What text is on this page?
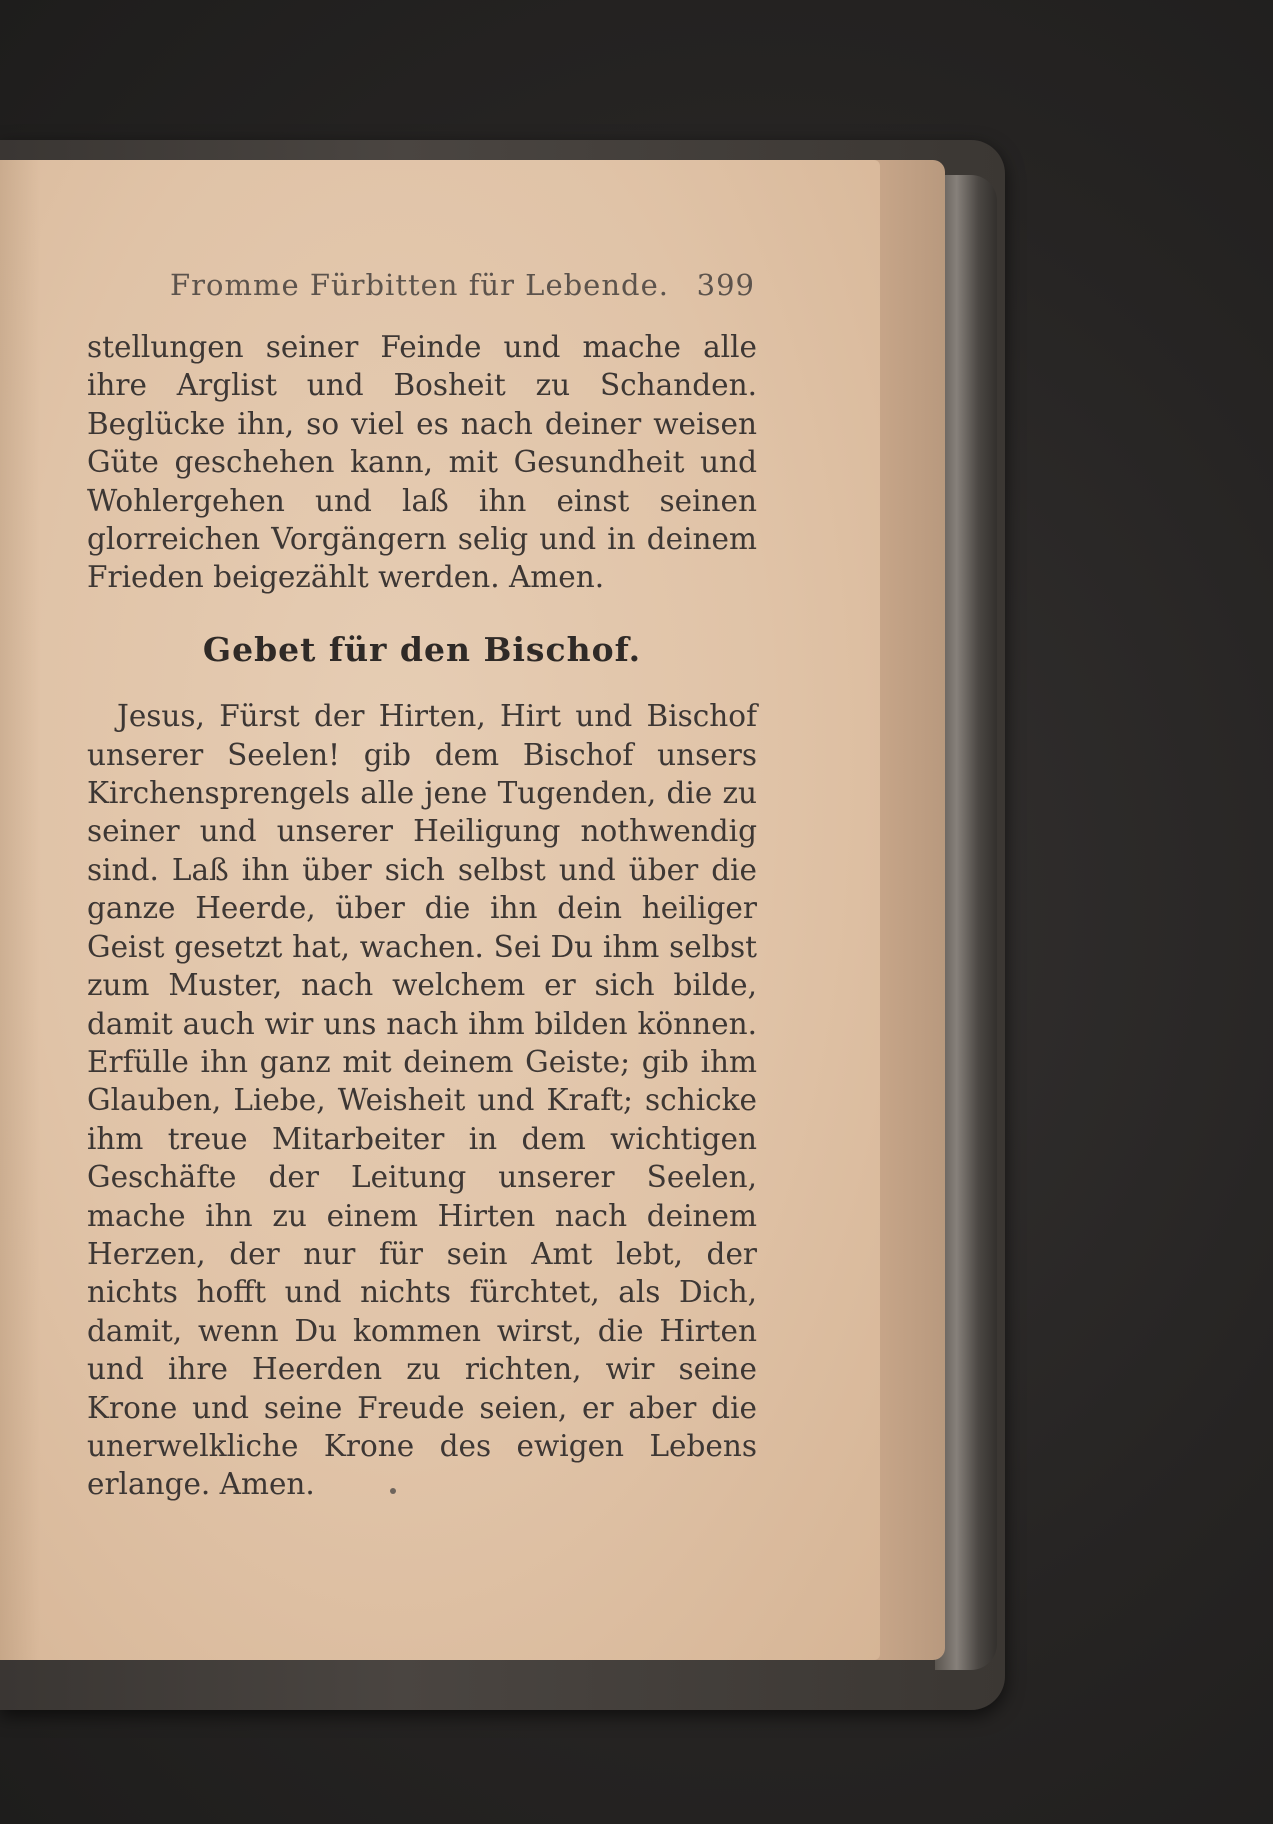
Fromme Fürbitten für Lebende. 399

stellungen seiner Feinde und mache alle ihre Arglist und Bosheit zu Schanden. Beglücke ihn, so viel es nach deiner weisen Güte geschehen kann, mit Gesundheit und Wohlergehen und laß ihn einst seinen glorreichen Vorgängern selig und in deinem Frieden beigezählt werden. Amen.

Gebet für den Bischof.

Jesus, Fürst der Hirten, Hirt und Bischof unserer Seelen! gib dem Bischof unsers Kirchensprengels alle jene Tugenden, die zu seiner und unserer Heiligung nothwendig sind. Laß ihn über sich selbst und über die ganze Heerde, über die ihn dein heiliger Geist gesetzt hat, wachen. Sei Du ihm selbst zum Muster, nach welchem er sich bilde, damit auch wir uns nach ihm bilden können. Erfülle ihn ganz mit deinem Geiste; gib ihm Glauben, Liebe, Weisheit und Kraft; schicke ihm treue Mitarbeiter in dem wichtigen Geschäfte der Leitung unserer Seelen, mache ihn zu einem Hirten nach deinem Herzen, der nur für sein Amt lebt, der nichts hofft und nichts fürchtet, als Dich, damit, wenn Du kommen wirst, die Hirten und ihre Heerden zu richten, wir seine Krone und seine Freude seien, er aber die unerwelkliche Krone des ewigen Lebens erlange. Amen.
